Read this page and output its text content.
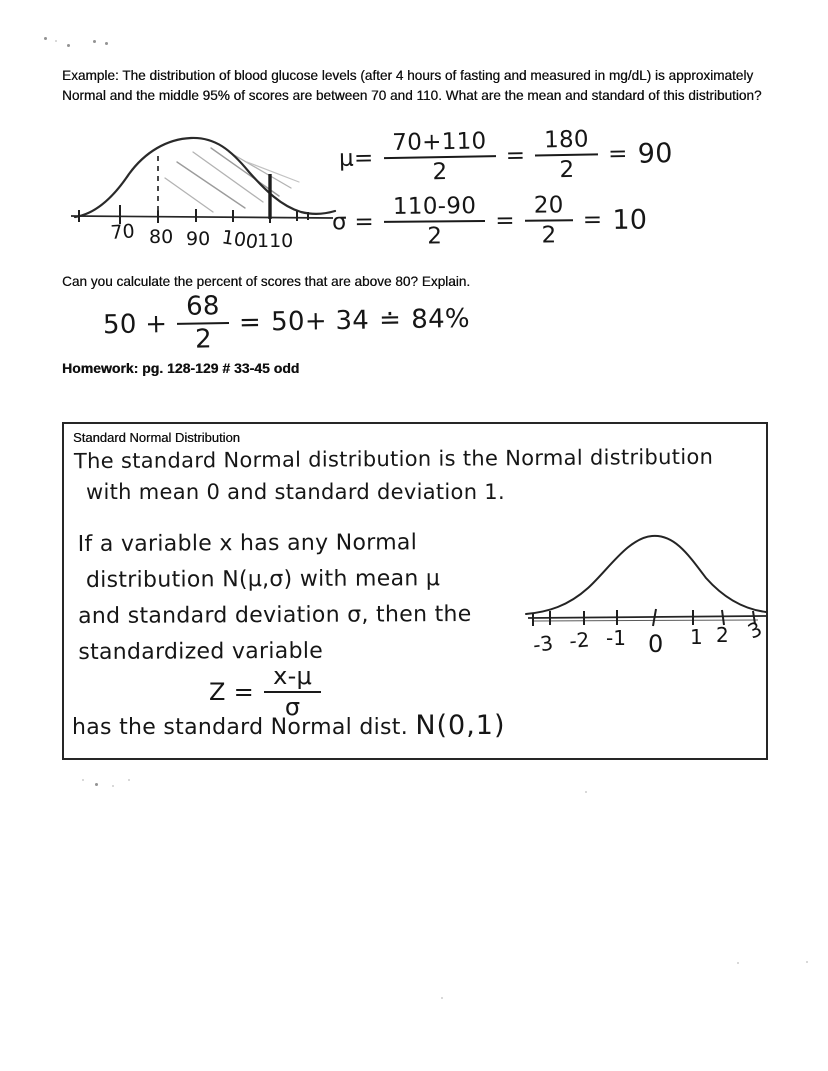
Example: The distribution of blood glucose levels (after 4 hours of fasting and measured in mg/dL) is approximately Normal and the middle 95% of scores are between 70 and 110. What are the mean and standard of this distribution?
70 80 90 100
110
$\mu= \frac{70+110}{2} = \frac{180}{2} = 90$
$\sigma = \frac{110-90}{2} = \frac{20}{2} = 10$
Can you calculate the percent of scores that are above 80? Explain.
$50 + \frac{68}{2} = 50+ 34$ ≐ 84%
Homework: pg. 128-129 # 33-45 odd
Standard Normal Distribution
The standard Normal distribution is the Normal distribution
with mean 0 and standard deviation 1.
If a variable x has any Normal
distribution N(μ,σ) with mean μ
and standard deviation σ, then the
standardized variable
$Z = \frac{x-\mu}{\sigma}$
has the standard Normal dist. N(0,1)
-3 -2 -1 0 1 2 3
